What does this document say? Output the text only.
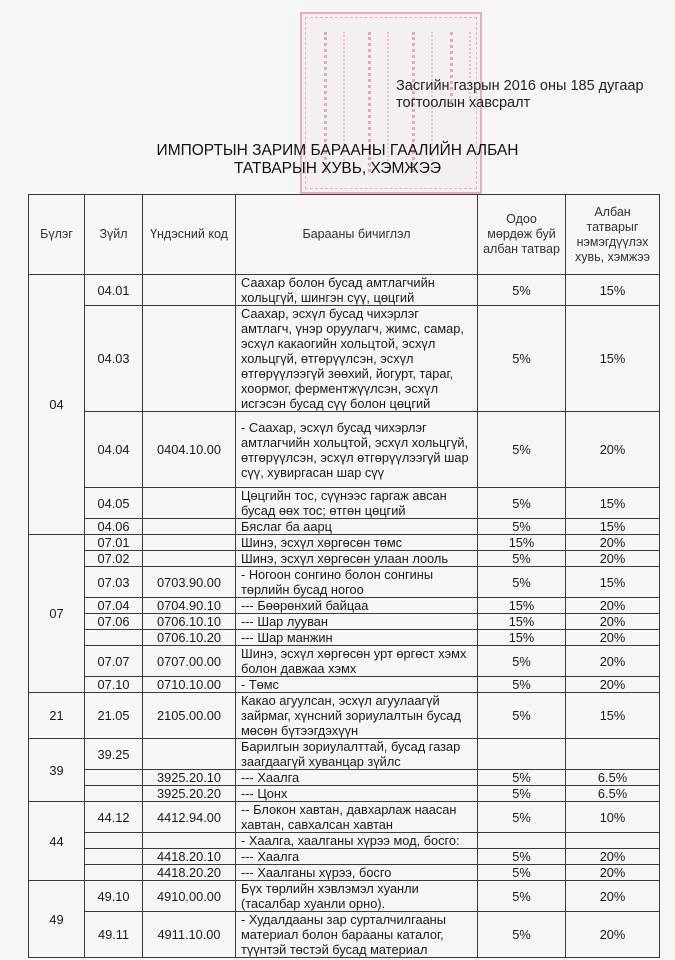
Засгийн газрын 2016 оны 185 дугаар
тогтоолын хавсралт
ИМПОРТЫН ЗАРИМ БАРААНЫ ГААЛИЙН АЛБАН
ТАТВАРЫН ХУВЬ, ХЭМЖЭЭ
Бүлэг	Зүйл	Үндэсний код	Барааны бичиглэл	Одоо мөрдөж буй албан татвар	Албан татварыг нэмэгдүүлэх хувь, хэмжээ
04	04.01		Саахар болон бусад амтлагчийн хольцгүй, шингэн сүү, цөцгий	5%	15%
	04.03		Саахар, эсхүл бусад чихэрлэг амтлагч, үнэр оруулагч, жимс, самар, эсхүл какаогийн хольцтой, эсхүл хольцгүй, өтгөрүүлсэн, эсхүл өтгөрүүлээгүй зөөхий, йогурт, тараг, хоормог, ферментжүүлсэн, эсхүл исгэсэн бусад сүү болон цөцгий	5%	15%
	04.04	0404.10.00	- Саахар, эсхүл бусад чихэрлэг амтлагчийн хольцтой, эсхүл хольцгүй, өтгөрүүлсэн, эсхүл өтгөрүүлээгүй шар сүү, хувиргасан шар сүү	5%	20%
	04.05		Цөцгийн тос, сүүнээс гаргаж авсан бусад өөх тос; өтгөн цөцгий	5%	15%
	04.06		Бяслаг ба аарц	5%	15%
07	07.01		Шинэ, эсхүл хөргөсөн төмс	15%	20%
	07.02		Шинэ, эсхүл хөргөсөн улаан лооль	5%	20%
	07.03	0703.90.00	- Ногоон сонгино болон сонгины төрлийн бусад ногоо	5%	15%
	07.04	0704.90.10	--- Бөөрөнхий байцаа	15%	20%
	07.06	0706.10.10	--- Шар лууван	15%	20%
		0706.10.20	--- Шар манжин	15%	20%
	07.07	0707.00.00	Шинэ, эсхүл хөргөсөн урт өргөст хэмх болон давжаа хэмх	5%	20%
	07.10	0710.10.00	- Төмс	5%	20%
21	21.05	2105.00.00	Какао агуулсан, эсхүл агуулаагүй зайрмаг, хүнсний зориулалтын бусад мөсөн бүтээгдэхүүн	5%	15%
39	39.25		Барилгын зориулалттай, бусад газар заагдаагүй хуванцар зүйлс		
		3925.20.10	--- Хаалга	5%	6.5%
		3925.20.20	--- Цонх	5%	6.5%
44	44.12	4412.94.00	-- Блокон хавтан, давхарлаж наасан хавтан, савхалсан хавтан	5%	10%
			- Хаалга, хаалганы хүрээ мод, босго:		
		4418.20.10	--- Хаалга	5%	20%
		4418.20.20	--- Хаалганы хүрээ, босго	5%	20%
49	49.10	4910.00.00	Бүх төрлийн хэвлэмэл хуанли (тасалбар хуанли орно).	5%	20%
	49.11	4911.10.00	- Худалдааны зар сурталчилгааны материал болон барааны каталог, түүнтэй төстэй бусад материал	5%	20%
